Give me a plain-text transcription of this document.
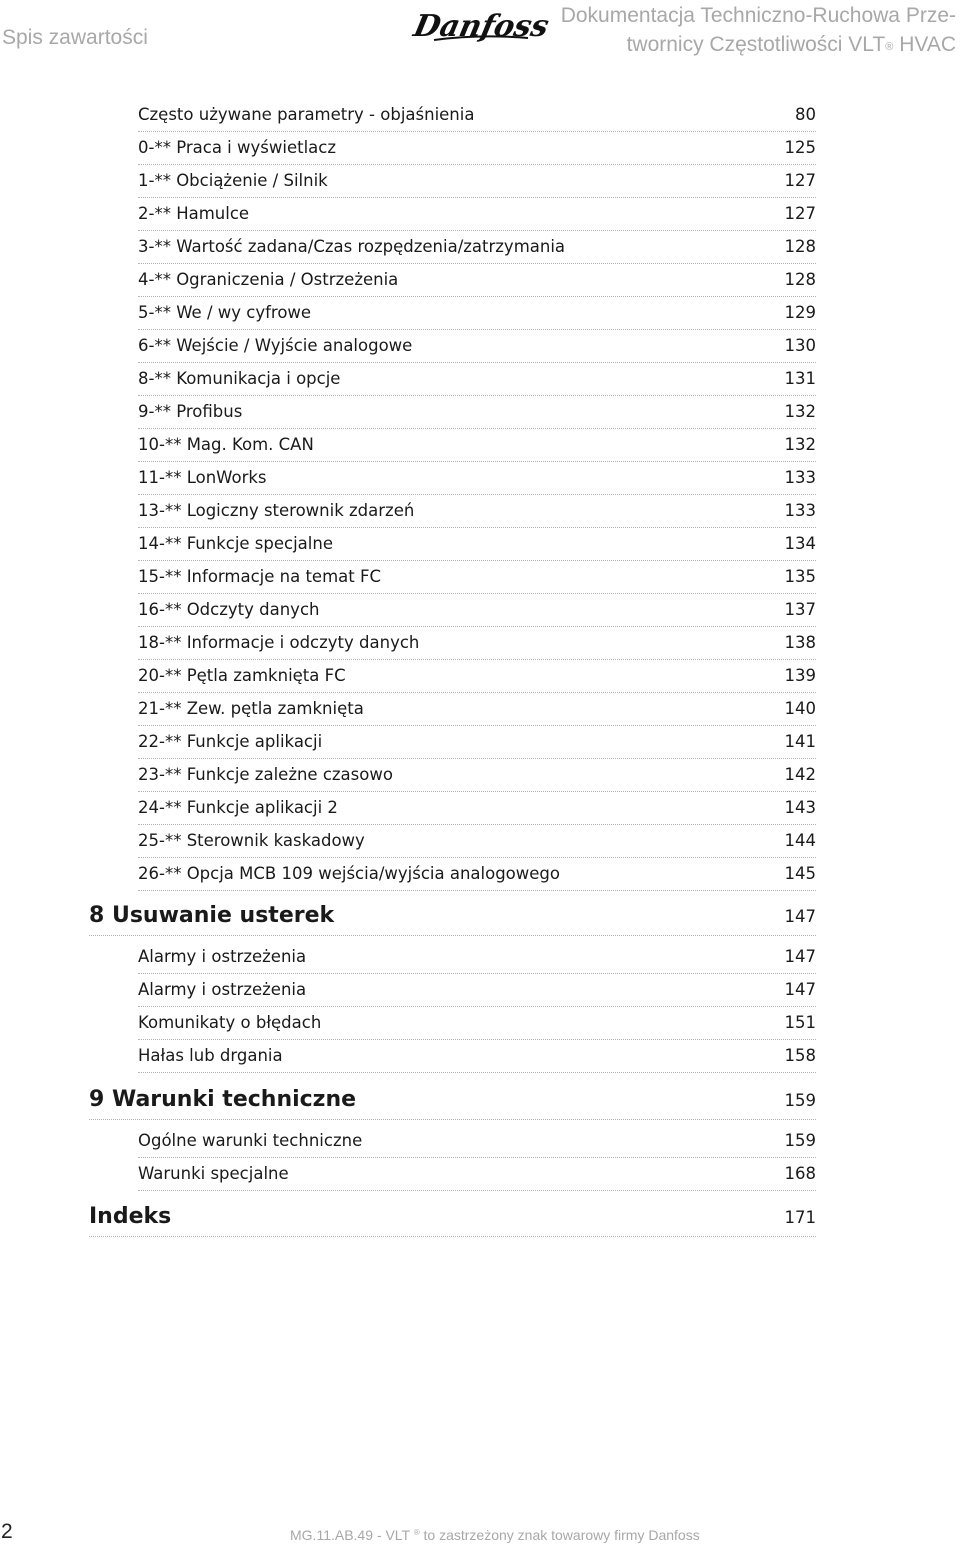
Spis zawartości	Danfoss Dokumentacja Techniczno-Ruchowa Prze-
twornicy Częstotliwości VLT® HVAC
Często używane parametry - objaśnienia	80
0-** Praca i wyświetlacz	125
1-** Obciążenie / Silnik	127
2-** Hamulce	127
3-** Wartość zadana/Czas rozpędzenia/zatrzymania	128
4-** Ograniczenia / Ostrzeżenia	128
5-** We / wy cyfrowe	129
6-** Wejście / Wyjście analogowe	130
8-** Komunikacja i opcje	131
9-** Profibus	132
10-** Mag. Kom. CAN	132
11-** LonWorks	133
13-** Logiczny sterownik zdarzeń	133
14-** Funkcje specjalne	134
15-** Informacje na temat FC	135
16-** Odczyty danych	137
18-** Informacje i odczyty danych	138
20-** Pętla zamknięta FC	139
21-** Zew. pętla zamknięta	140
22-** Funkcje aplikacji	141
23-** Funkcje zależne czasowo	142
24-** Funkcje aplikacji 2	143
25-** Sterownik kaskadowy	144
26-** Opcja MCB 109 wejścia/wyjścia analogowego	145
8 Usuwanie usterek	147
Alarmy i ostrzeżenia	147
Alarmy i ostrzeżenia	147
Komunikaty o błędach	151
Hałas lub drgania	158
9 Warunki techniczne	159
Ogólne warunki techniczne	159
Warunki specjalne	168
Indeks	171
2	MG.11.AB.49 - VLT ® to zastrzeżony znak towarowy firmy Danfoss
